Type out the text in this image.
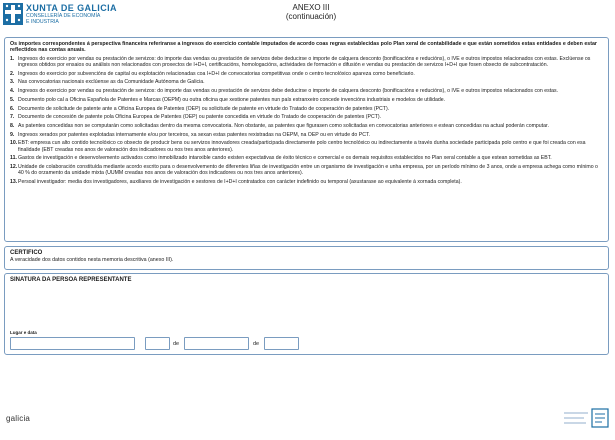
XUNTA DE GALICIA
CONSELLERÍA DE ECONOMÍA
E INDUSTRIA
ANEXO III
(continuación)

Os importes correspondentes á perspectiva financeira referiranse a ingresos do exercicio contable imputados de acordo coas regras establecidas polo Plan xeral de contabilidade e que están sometidos estas entidades e deben estar reflectidos nas contas anuais.

1. Ingresos do exercicio por vendas ou prestación de servizos: do importe das vendas ou prestación de servizos debe deducirse o importe de calquera desconto (bonificacións e reducións), o IVE e outros impostos relacionados con estas. Exclúense os ingresos obtidos por ensaios ou análisis non relacionados con proxectos de I+D+I, certificacións, homologacións, actividades de formación e difusión e vendas ou prestación de servizos I+D+I que fosen obxecto de subcontratación.
2. Ingresos do exercicio por subvencións de capital ou explotación relacionadas coa I+D+I de convocatorias competitivas onde o centro tecnolóxico apareza como beneficiario.
3. Nas convocatorias nacionais exclúense as da Comunidade Autónoma de Galicia.
4. Ingresos do exercicio por vendas ou prestación de servizos: do importe das vendas ou prestación de servizos debe deducirse o importe de calquera desconto (bonificacións e reducións), o IVE e outros impostos relacionados con estas.
5. Documento polo cal a Oficina Española de Patentes e Marcas (OEPM) ou outra oficina que xestione patentes nun país estranxeiro concede invencións industriais e modelos de utilidade.
6. Documento de solicitude de patente ante a Oficina Europea de Patentes (OEP) ou solicitude de patente en virtude do Tratado de cooperación de patentes (PCT).
7. Documento de concesión de patente pola Oficina Europea de Patentes (OEP) ou patente concedida en virtude do Tratado de cooperación de patentes (PCT).
8. As patentes concedidas non se computarán como solicitadas dentro da mesma convocatoria. Non obstante, as patentes que figurasen como solicitadas en convocatorias anteriores e estean concedidas na actual poderán computar.
9. Ingresos xerados por patentes explotadas internamente e/ou por terceiros, xa sexan estas patentes rexistradas na OEPM, na OEP ou en virtude do PCT.
10. EBT: empresa cun alto contido tecnolóxico co obxecto de producir bens ou servizos innovadores creada/participada directamente polo centro tecnolóxico ou indirectamente a través dunha sociedade participada polo centro e que foi creada con esa finalidade (EBT creadas nos anos de valoración dos indicadores ou nos tres anos anteriores).
11. Gastos de investigación e desenvolvemento activados como inmobilizado intanxible cando existen expectativas de éxito técnico e comercial e os demais requisitos establecidos no Plan xeral contable a que estean sometidas as EBT.
12. Unidade de colaboración constituída mediante acordo escrito para o desenvolvemento de diferentes liñas de investigación entre un organismo de investigación e unha empresa, por un período mínimo de 3 anos, onde a empresa achega como mínimo o 40 % do orzamento da unidade mixta (UUMM creadas nos anos de valoración dos indicadores ou nos tres anos anteriores).
13. Persoal investigador: media dos investigadores, auxiliares de investigación e xestores de I+D+I contratados con carácter indefinido ou temporal (axustarase ao equivalente á xornada completa).
CERTIFICO
A veracidade dos datos contidos nesta memoria descritiva (anexo III).
SINATURA DA PERSOA REPRESENTANTE
Lugar e data
de	de
galicia
